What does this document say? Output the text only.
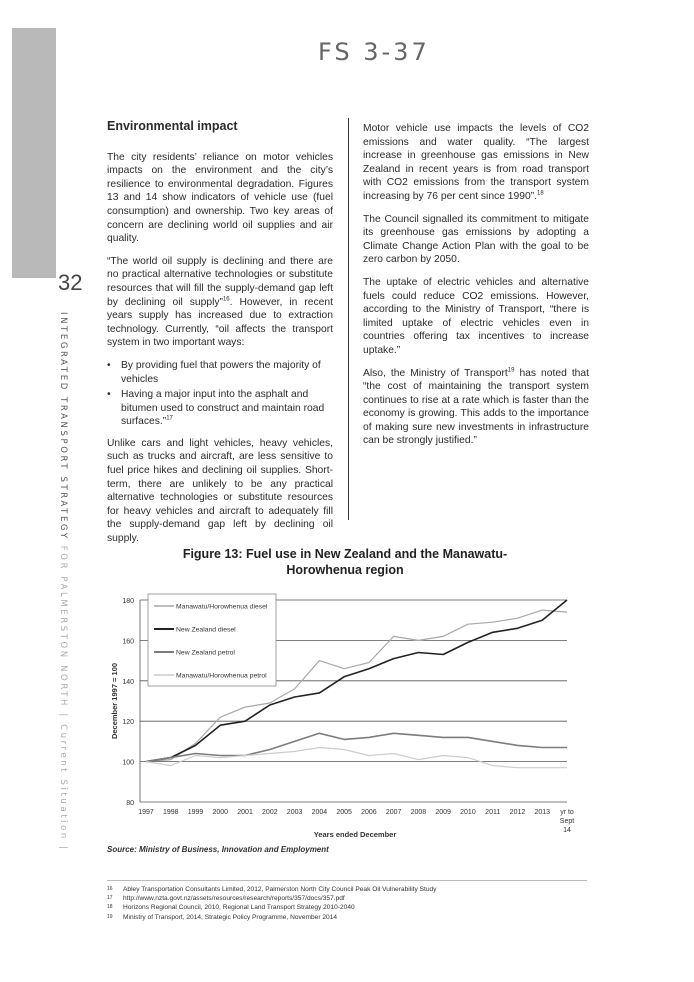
32
INTEGRATED TRANSPORT STRATEGY FOR PALMERSTON NORTH | Current Situation |
FS 3-37
Environmental impact

The city residents’ reliance on motor vehicles impacts on the environment and the city’s resilience to environmental degradation. Figures 13 and 14 show indicators of vehicle use (fuel consumption) and ownership. Two key areas of concern are declining world oil supplies and air quality.

“The world oil supply is declining and there are no practical alternative technologies or substitute resources that will fill the supply-demand gap left by declining oil supply”$^{16}$. However, in recent years supply has increased due to extraction technology. Currently, “oil affects the transport system in two important ways:

• By providing fuel that powers the majority of vehicles
• Having a major input into the asphalt and bitumen used to construct and maintain road surfaces.”$^{17}$

Unlike cars and light vehicles, heavy vehicles, such as trucks and aircraft, are less sensitive to fuel price hikes and declining oil supplies. Short-term, there are unlikely to be any practical alternative technologies or substitute resources for heavy vehicles and aircraft to adequately fill the supply-demand gap left by declining oil supply.

Motor vehicle use impacts the levels of CO2 emissions and water quality. “The largest increase in greenhouse gas emissions in New Zealand in recent years is from road transport with CO2 emissions from the transport system increasing by 76 per cent since 1990”.$^{18}$

The Council signalled its commitment to mitigate its greenhouse gas emissions by adopting a Climate Change Action Plan with the goal to be zero carbon by 2050.

The uptake of electric vehicles and alternative fuels could reduce CO2 emissions. However, according to the Ministry of Transport, “there is limited uptake of electric vehicles even in countries offering tax incentives to increase uptake.”

Also, the Ministry of Transport$^{19}$ has noted that “the cost of maintaining the transport system continues to rise at a rate which is faster than the economy is growing. This adds to the importance of making sure new investments in infrastructure can be strongly justified.”

Figure 13: Fuel use in New Zealand and the Manawatu-Horowhenua region
80
100
120
140
160
180
1997 1998 1999 2000 2001 2002 2003 2004 2005 2006 2007 2008 2009 2010 2011 2012 2013 yr to Sept 14
Years ended December
December 1997 = 100
Manawatu/Horowhenua diesel
New Zealand diesel
New Zealand petrol
Manawatu/Horowhenua petrol
Source: Ministry of Business, Innovation and Employment
16 Abley Transportation Consultants Limited, 2012, Palmerston North City Council Peak Oil Vulnerability Study
17 http://www.nzta.govt.nz/assets/resources/research/reports/357/docs/357.pdf
18 Horizons Regional Council, 2010, Regional Land Transport Strategy 2010-2040
19 Ministry of Transport, 2014, Strategic Policy Programme, November 2014
